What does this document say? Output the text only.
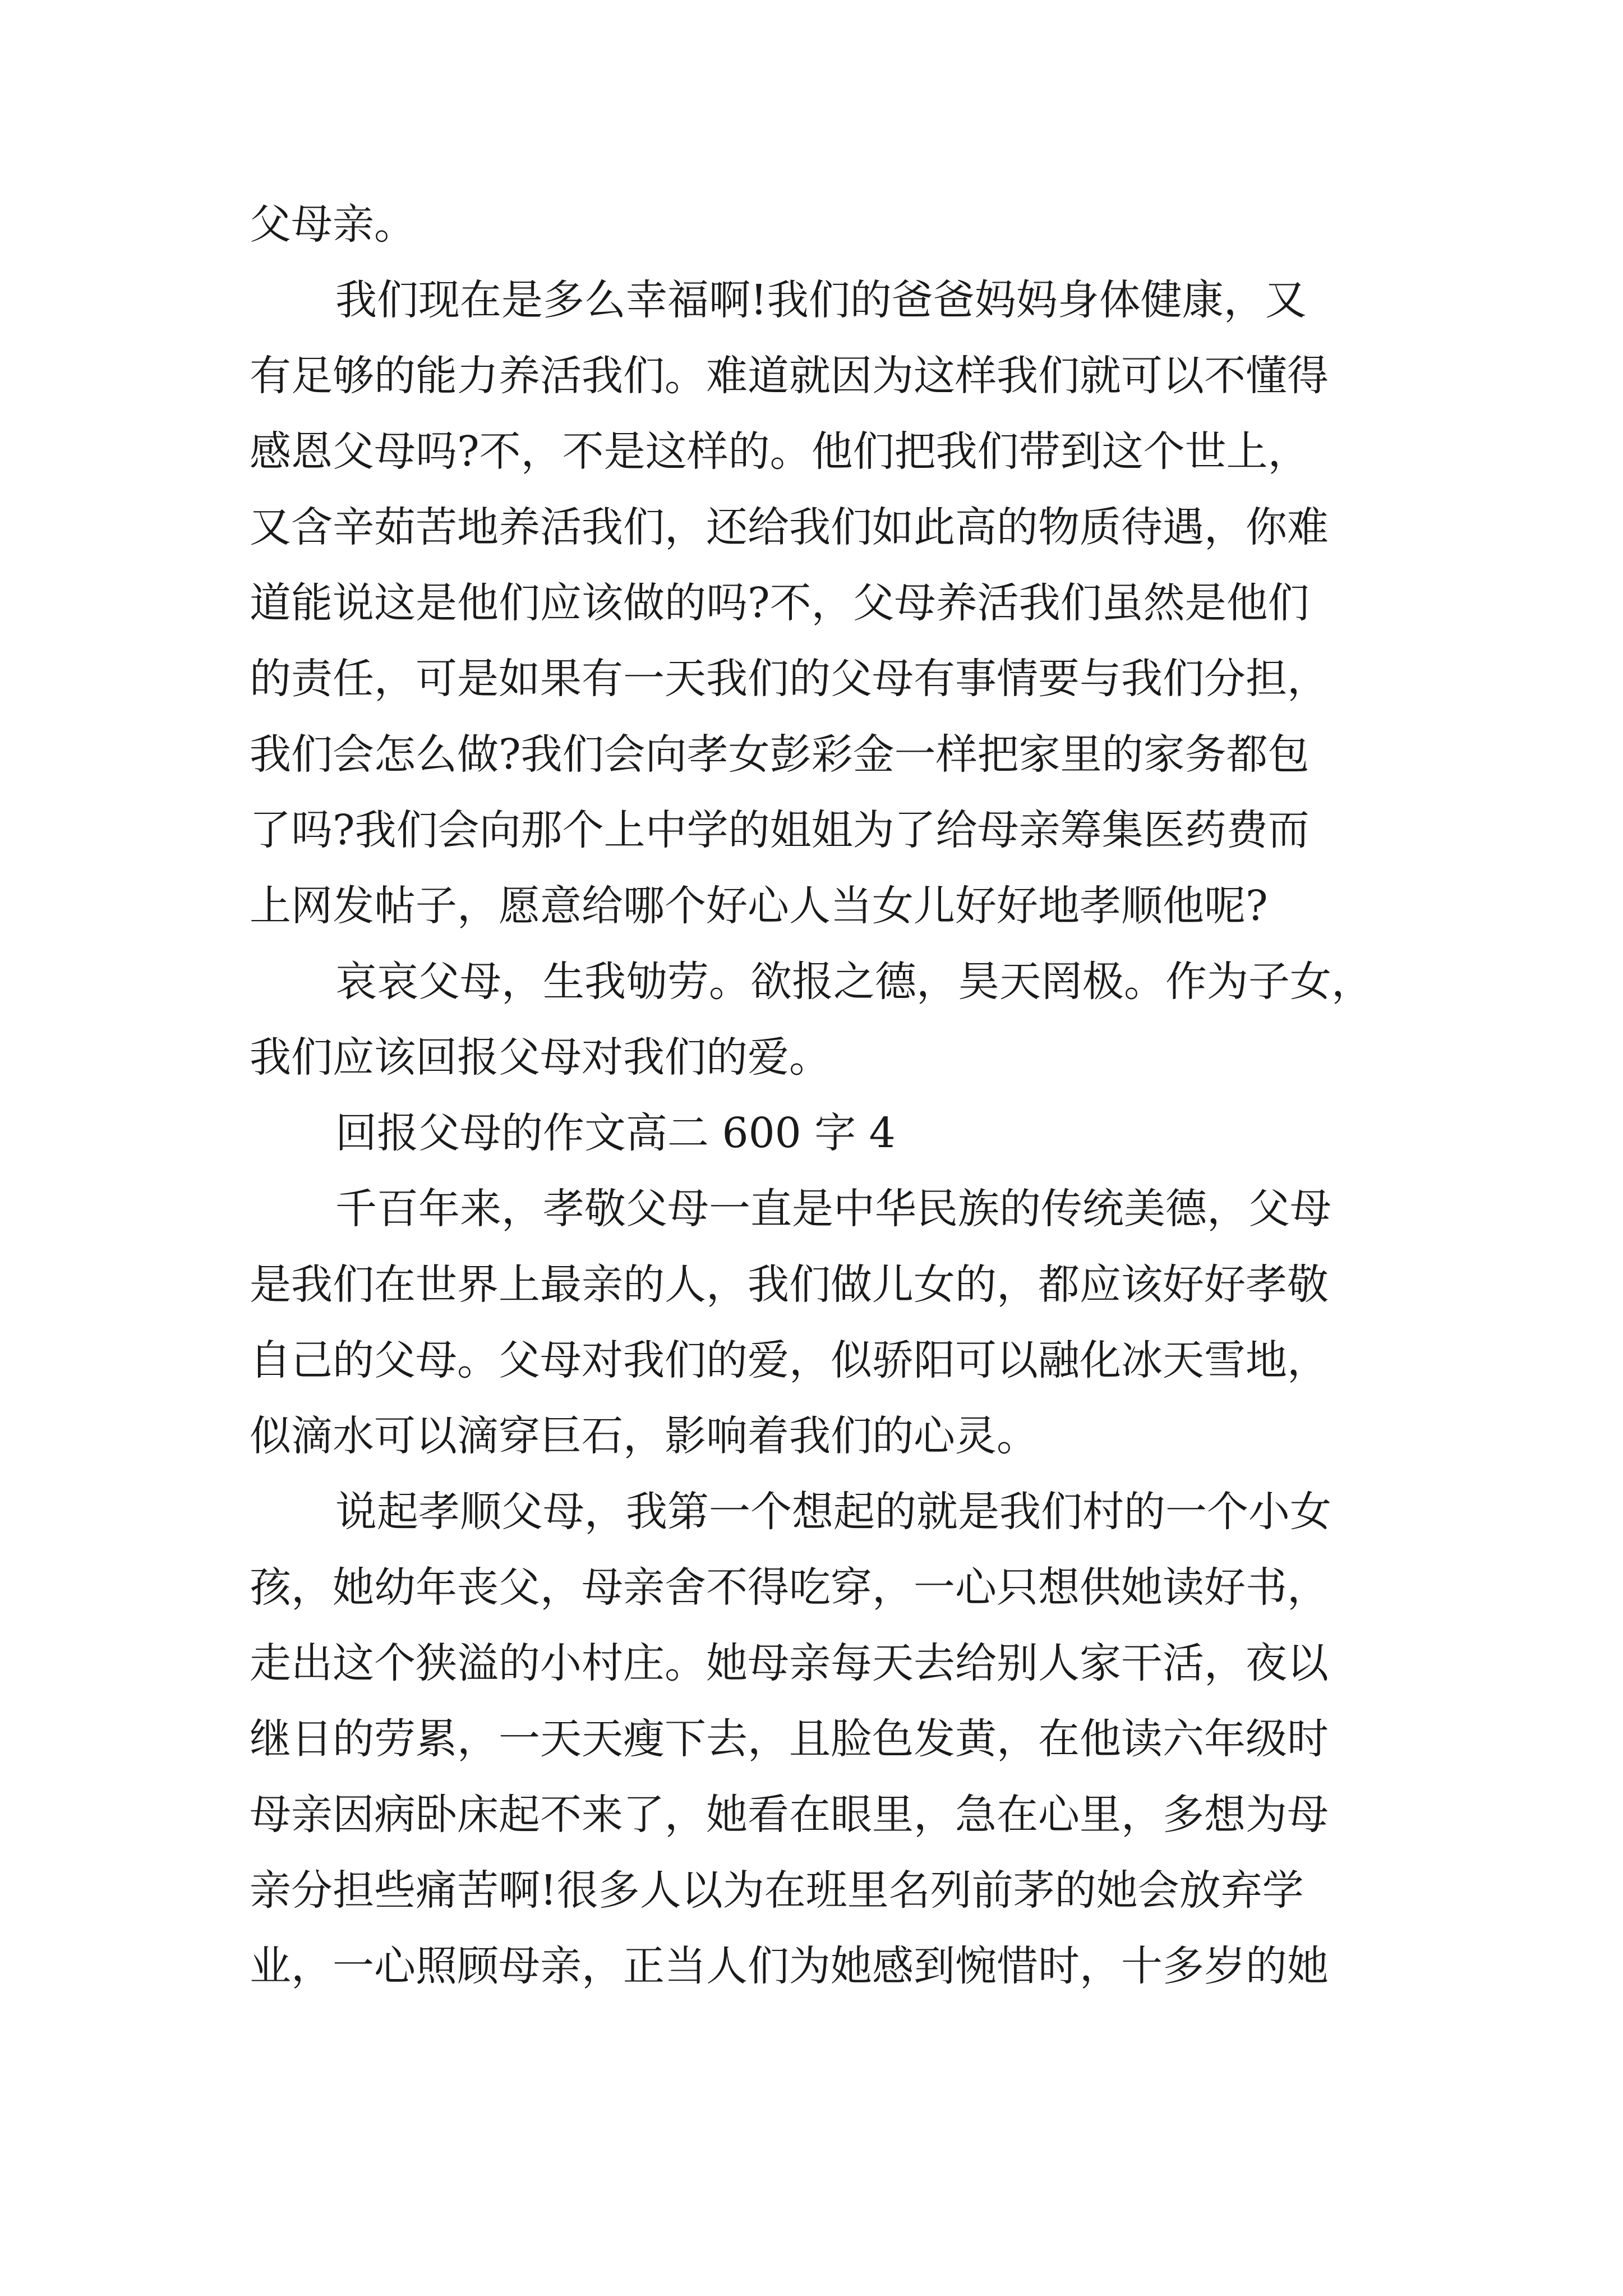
父母亲。

我们现在是多么幸福啊!我们的爸爸妈妈身体健康，又

有足够的能力养活我们。难道就因为这样我们就可以不懂得

感恩父母吗?不，不是这样的。他们把我们带到这个世上，

又含辛茹苦地养活我们，还给我们如此高的物质待遇，你难

道能说这是他们应该做的吗?不，父母养活我们虽然是他们

的责任，可是如果有一天我们的父母有事情要与我们分担，

我们会怎么做?我们会向孝女彭彩金一样把家里的家务都包

了吗?我们会向那个上中学的姐姐为了给母亲筹集医药费而

上网发帖子，愿意给哪个好心人当女儿好好地孝顺他呢?

哀哀父母，生我劬劳。欲报之德，昊天罔极。作为子女，

我们应该回报父母对我们的爱。

回报父母的作文高二 600 字 4

千百年来，孝敬父母一直是中华民族的传统美德，父母

是我们在世界上最亲的人，我们做儿女的，都应该好好孝敬

自己的父母。父母对我们的爱，似骄阳可以融化冰天雪地，

似滴水可以滴穿巨石，影响着我们的心灵。

说起孝顺父母，我第一个想起的就是我们村的一个小女

孩，她幼年丧父，母亲舍不得吃穿，一心只想供她读好书，

走出这个狭溢的小村庄。她母亲每天去给别人家干活，夜以

继日的劳累，一天天瘦下去，且脸色发黄，在他读六年级时

母亲因病卧床起不来了，她看在眼里，急在心里，多想为母

亲分担些痛苦啊!很多人以为在班里名列前茅的她会放弃学

业，一心照顾母亲，正当人们为她感到惋惜时，十多岁的她
